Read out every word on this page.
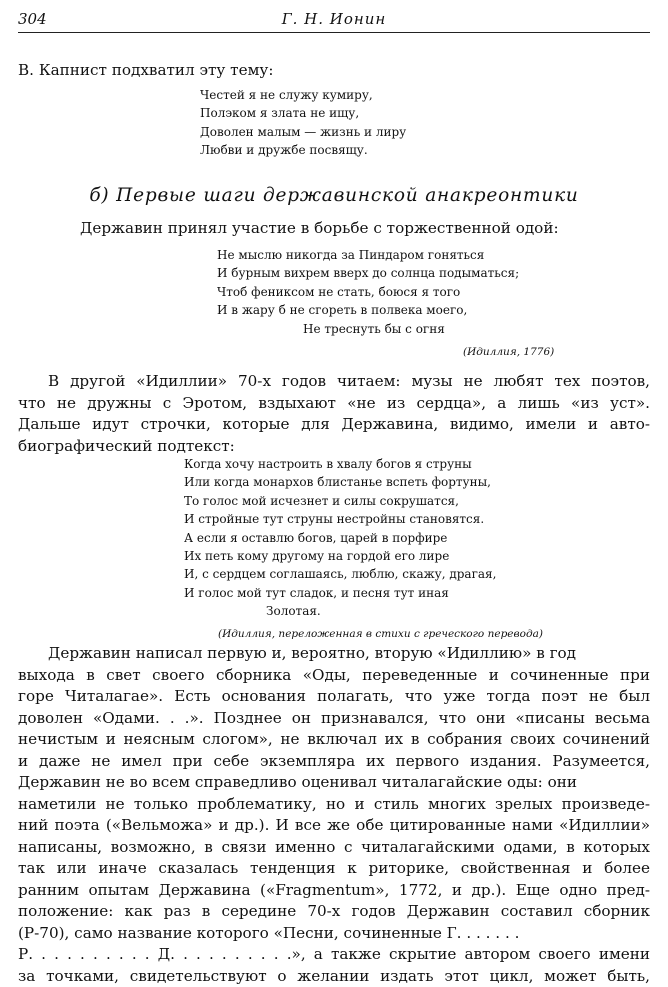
304	Г. Н. Ионин
В. Капнист подхватил эту тему:
Честей я не служу кумиру,
Полэком я злата не ищу,
Доволен малым — жизнь и лиру
Любви и дружбе посвящу.
б) Первые шаги державинской анакреонтики
Державин принял участие в борьбе с торжественной одой:
Не мыслю никогда за Пиндаром гоняться
И бурным вихрем вверх до солнца подыматься;
Чтоб фениксом не стать, боюся я того
И в жару б не сгореть в полвека моего,
Не треснуть бы с огня
(Идиллия, 1776)
В другой «Идиллии» 70-х годов читаем: музы не любят тех поэтов,
что не дружны с Эротом, вздыхают «не из сердца», а лишь «из уст».
Дальше идут строчки, которые для Державина, видимо, имели и авто-
биографический подтекст:
Когда хочу настроить в хвалу богов я струны
Или когда монархов блистанье вспеть фортуны,
То голос мой исчезнет и силы сокрушатся,
И стройные тут струны нестройны становятся.
А если я оставлю богов, царей в порфире
Их петь кому другому на гордой его лире
И, с сердцем соглашаясь, люблю, скажу, драгая,
И голос мой тут сладок, и песня тут иная
Золотая.
(Идиллия, переложенная в стихи с греческого перевода)
Державин написал первую и, вероятно, вторую «Идиллию» в год
выхода в свет своего сборника «Оды, переведенные и сочиненные при
горе Читалагае». Есть основания полагать, что уже тогда поэт не был
доволен «Одами. . .». Позднее он признавался, что они «писаны весьма
нечистым и неясным слогом», не включал их в собрания своих сочинений
и даже не имел при себе экземпляра их первого издания. Разумеется,
Державин не во всем справедливо оценивал читалагайские оды: они
наметили не только проблематику, но и стиль многих зрелых произведе-
ний поэта («Вельможа» и др.). И все же обе цитированные нами «Идиллии»
написаны, возможно, в связи именно с читалагайскими одами, в которых
так или иначе сказалась тенденция к риторике, свойственная и более
ранним опытам Державина («Fragmentum», 1772, и др.). Еще одно пред-
положение: как раз в середине 70-х годов Державин составил сборник
(Р-70), само название которого «Песни, сочиненные Г. . . . . . .
Р. . . . . . . . . . Д. . . . . . . . . .», а также скрытие автором своего имени
за точками, свидетельствуют о желании издать этот цикл, может быть,
